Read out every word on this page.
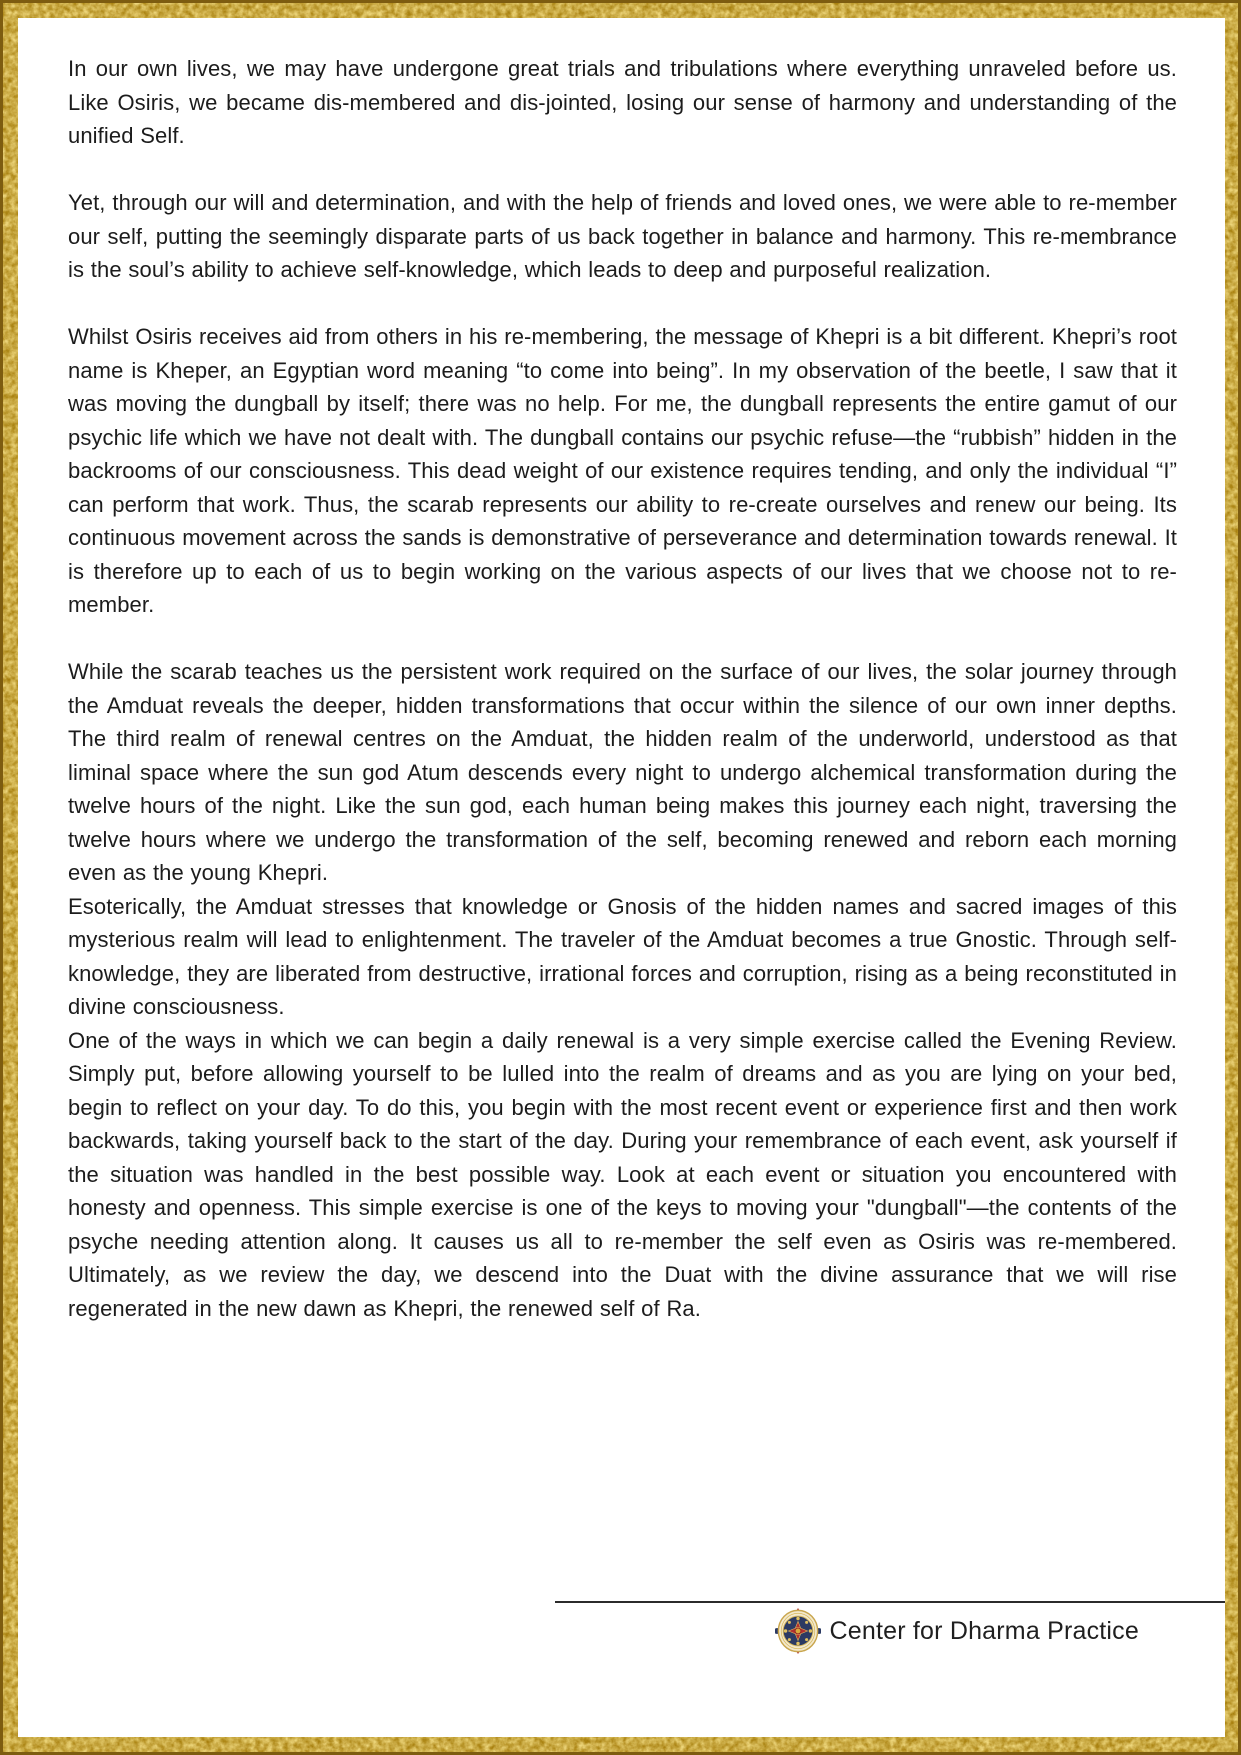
In our own lives, we may have undergone great trials and tribulations where everything unraveled before us. Like Osiris, we became dis-membered and dis-jointed, losing our sense of harmony and understanding of the unified Self.

Yet, through our will and determination, and with the help of friends and loved ones, we were able to re-member our self, putting the seemingly disparate parts of us back together in balance and harmony. This re-membrance is the soul’s ability to achieve self-knowledge, which leads to deep and purposeful realization.

Whilst Osiris receives aid from others in his re-membering, the message of Khepri is a bit different. Khepri’s root name is Kheper, an Egyptian word meaning “to come into being”. In my observation of the beetle, I saw that it was moving the dungball by itself; there was no help. For me, the dungball represents the entire gamut of our psychic life which we have not dealt with. The dungball contains our psychic refuse—the “rubbish” hidden in the backrooms of our consciousness. This dead weight of our existence requires tending, and only the individual “I” can perform that work. Thus, the scarab represents our ability to re-create ourselves and renew our being. Its continuous movement across the sands is demonstrative of perseverance and determination towards renewal. It is therefore up to each of us to begin working on the various aspects of our lives that we choose not to re-member.

While the scarab teaches us the persistent work required on the surface of our lives, the solar journey through the Amduat reveals the deeper, hidden transformations that occur within the silence of our own inner depths. The third realm of renewal centres on the Amduat, the hidden realm of the underworld, understood as that liminal space where the sun god Atum descends every night to undergo alchemical transformation during the twelve hours of the night. Like the sun god, each human being makes this journey each night, traversing the twelve hours where we undergo the transformation of the self, becoming renewed and reborn each morning even as the young Khepri.

Esoterically, the Amduat stresses that knowledge or Gnosis of the hidden names and sacred images of this mysterious realm will lead to enlightenment. The traveler of the Amduat becomes a true Gnostic. Through self-knowledge, they are liberated from destructive, irrational forces and corruption, rising as a being reconstituted in divine consciousness.

One of the ways in which we can begin a daily renewal is a very simple exercise called the Evening Review. Simply put, before allowing yourself to be lulled into the realm of dreams and as you are lying on your bed, begin to reflect on your day. To do this, you begin with the most recent event or experience first and then work backwards, taking yourself back to the start of the day. During your remembrance of each event, ask yourself if the situation was handled in the best possible way. Look at each event or situation you encountered with honesty and openness. This simple exercise is one of the keys to moving your "dungball"—the contents of the psyche needing attention along. It causes us all to re-member the self even as Osiris was re-membered. Ultimately, as we review the day, we descend into the Duat with the divine assurance that we will rise regenerated in the new dawn as Khepri, the renewed self of Ra.

Center for Dharma Practice
